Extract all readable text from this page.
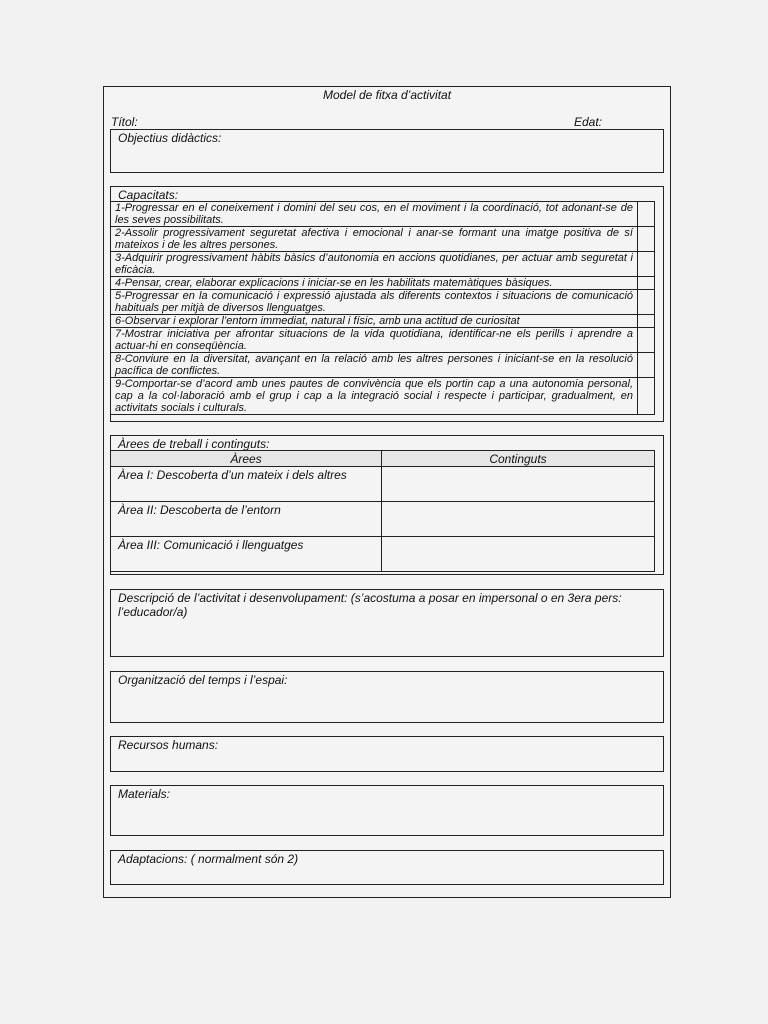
Model de fitxa d’activitat
Títol:	Edat:
Objectius didàctics:
Capacitats:
1-Progressar en el coneixement i domini del seu cos, en el moviment i la coordinació, tot adonant-se de les seves possibilitats.	
2-Assolir progressivament seguretat afectiva i emocional i anar-se formant una imatge positiva de sí mateixos i de les altres persones.	
3-Adquirir progressivament hàbits bàsics d’autonomia en accions quotidianes, per actuar amb seguretat i eficàcia.	
4-Pensar, crear, elaborar explicacions i iniciar-se en les habilitats matemàtiques bàsiques.	
5-Progressar en la comunicació i expressió ajustada als diferents contextos i situacions de comunicació habituals per mitjà de diversos llenguatges.	
6-Observar i explorar l’entorn immediat, natural i físic, amb una actitud de curiositat	
7-Mostrar iniciativa per afrontar situacions de la vida quotidiana, identificar-ne els perills i aprendre a actuar-hi en conseqüència.	
8-Conviure en la diversitat, avançant en la relació amb les altres persones i iniciant-se en la resolució pacífica de conflictes.	
9-Comportar-se d’acord amb unes pautes de convivència que els portin cap a una autonomia personal, cap a la col·laboració amb el grup i cap a la integració social i respecte i participar, gradualment, en activitats socials i culturals.	
Àrees de treball i continguts:
Àrees	Continguts
Àrea I: Descoberta d’un mateix i dels altres	
Àrea II: Descoberta de l’entorn	
Àrea III: Comunicació i llenguatges	
Descripció de l’activitat i desenvolupament: (s’acostuma a posar en impersonal o en 3era pers: l’educador/a)
Organització del temps i l’espai:
Recursos humans:
Materials:
Adaptacions: ( normalment són 2)
